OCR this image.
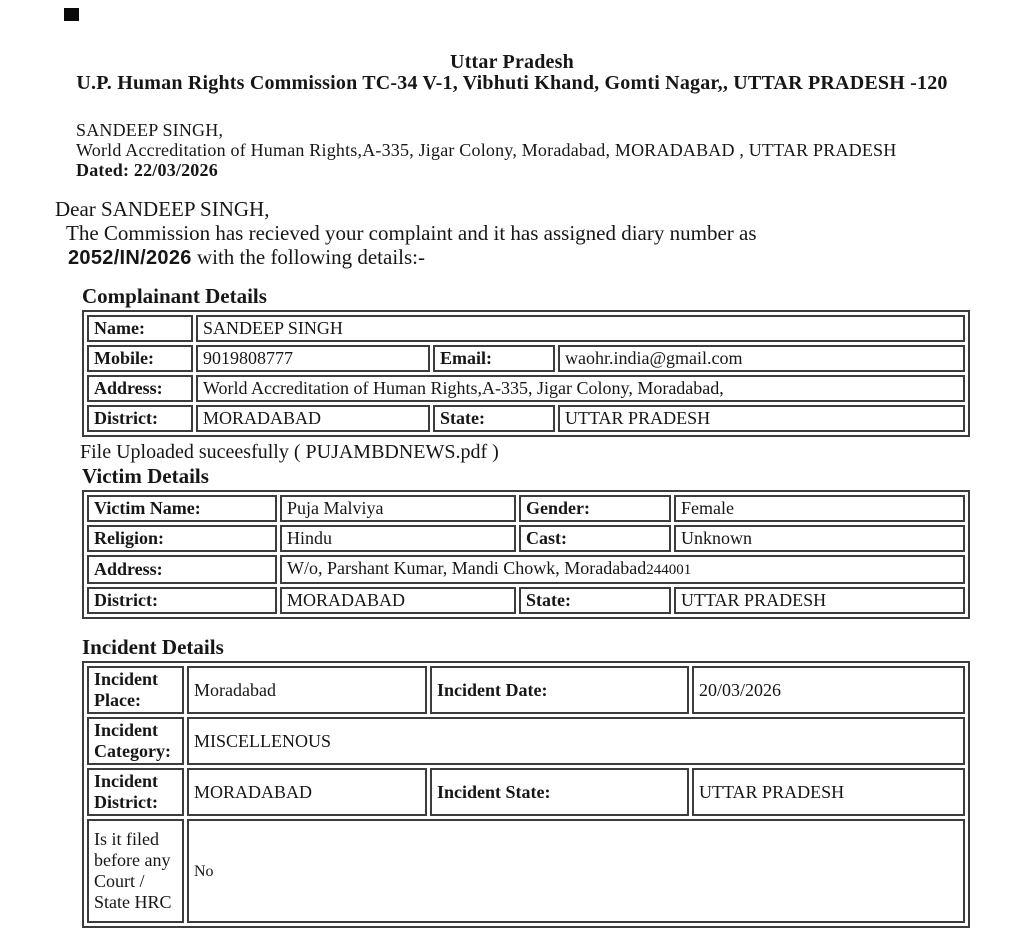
Uttar Pradesh
U.P. Human Rights Commission TC-34 V-1, Vibhuti Khand, Gomti Nagar,, UTTAR PRADESH -120
SANDEEP SINGH,
World Accreditation of Human Rights,A-335, Jigar Colony, Moradabad, MORADABAD , UTTAR PRADESH
Dated: 22/03/2026
Dear SANDEEP SINGH,
The Commission has recieved your complaint and it has assigned diary number as
2052/IN/2026 with the following details:-
Complainant Details
Name:	SANDEEP SINGH		
Mobile:	9019808777	Email:	waohr.india@gmail.com
Address:	World Accreditation of Human Rights,A-335, Jigar Colony, Moradabad,		
District:	MORADABAD	State:	UTTAR PRADESH
File Uploaded suceesfully ( PUJAMBDNEWS.pdf )
Victim Details
Victim Name:	Puja Malviya	Gender:	Female
Religion:	Hindu	Cast:	Unknown
Address:	W/o, Parshant Kumar, Mandi Chowk, Moradabad244001		
District:	MORADABAD	State:	UTTAR PRADESH
Incident Details
Incident Place:	Moradabad	Incident Date:	20/03/2026
Incident Category:	MISCELLENOUS		
Incident District:	MORADABAD	Incident State:	UTTAR PRADESH
Is it filed before any Court / State HRC	No		
